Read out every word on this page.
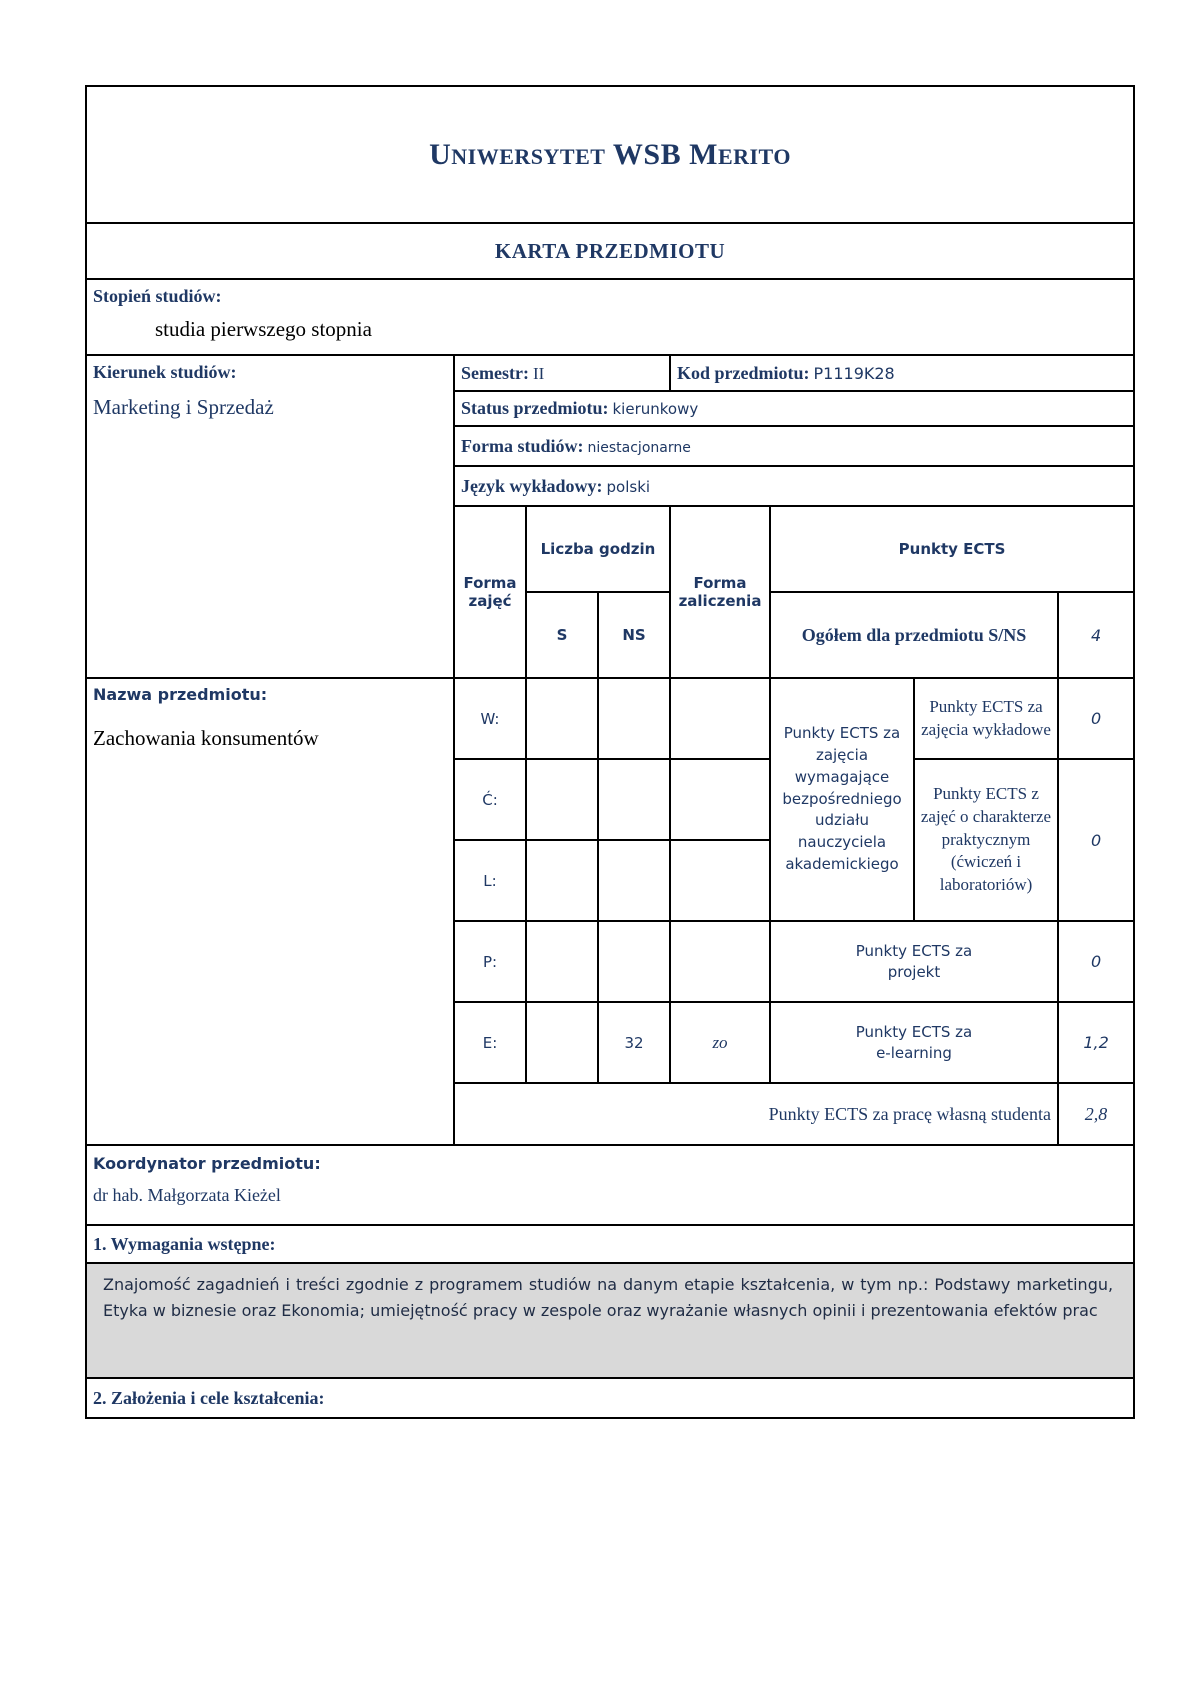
UNIWERSYTET WSB MERITO							
KARTA PRZEDMIOTU							

Stopień studiów:
studia pierwszego stopnia							

Kierunek studiów:
Marketing i Sprzedaż	Semestr: II			Kod przedmiotu: P1119K28			
	Status przedmiotu: kierunkowy						
	Forma studiów: niestacjonarne						
	Język wykładowy: polski						
	Forma zajęć	Liczba godzin		Forma zaliczenia	Punkty ECTS		
		S	NS		Ogółem dla przedmiotu S/NS		4

Nazwa przedmiotu:
Zachowania konsumentów	W:				Punkty ECTS za zajęcia wymagające bezpośredniego udziału nauczyciela akademickiego	Punkty ECTS za zajęcia wykładowe	0
	Ć:					Punkty ECTS z zajęć o charakterze praktycznym (ćwiczeń i laboratoriów)	0
	L:						
	P:				Punkty ECTS za projekt		0
	E:		32	zo	Punkty ECTS za e-learning		1,2
	Punkty ECTS za pracę własną studenta						2,8

Koordynator przedmiotu:
dr hab. Małgorzata Kieżel							

1. Wymagania wstępne:							

Znajomość zagadnień i treści zgodnie z programem studiów na danym etapie kształcenia, w tym np.: Podstawy marketingu, Etyka w biznesie oraz Ekonomia; umiejętność pracy w zespole oraz wyrażanie własnych opinii i prezentowania efektów prac							

2. Założenia i cele kształcenia:							
